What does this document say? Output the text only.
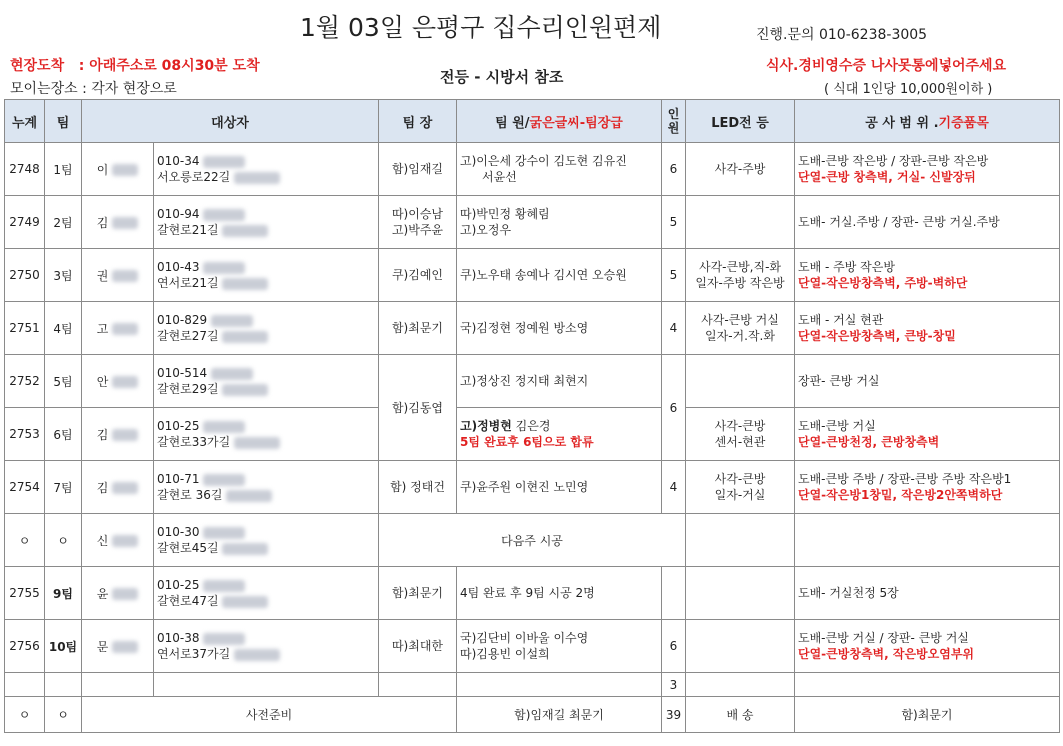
1월 03일 은평구 집수리인원편제	진행.문의 010-6238-3005
현장도착   : 아래주소로 08시30분 도착
모이는장소 : 각자 현장으로
전등 - 시방서 참조
식사.경비영수증 나사못통에넣어주세요
( 식대 1인당 10,000원이하 )
누계	팀	대상자		팀 장	팀 원/굵은글씨-팀장급	인원	LED전 등	공 사 범 위 .기증품목	
2748	1팀	이	010-34
서오릉로22길	함)임재길	고)이은세 강수이 김도현 김유진
서윤선	6	사각-주방	도배-큰방 작은방 / 장판-큰방 작은방
단열-큰방 창측벽, 거실- 신발장뒤	

2749	2팀	김	010-94
갈현로21길	따)이승남
고)박주윤	따)박민정 황혜림
고)오정우	5		도배- 거실.주방 / 장판- 큰방 거실.주방	

2750	3팀	권	010-43
연서로21길	쿠)김예인	쿠)노우태 송예나 김시연 오승원	5	사각-큰방,직-화
일자-주방 작은방	도배 - 주방 작은방
단열-작은방창측벽, 주방-벽하단	

2751	4팀	고	010-829
갈현로27길	함)최문기	국)김정현 정예원 방소영	4	사각-큰방 거실
일자-거.작.화	도배 - 거실 현관
단열-작은방창측벽, 큰방-창밑	

2752	5팀	안	010-514
갈현로29길	함)김동엽	고)정상진 정지태 최현지	6		장판- 큰방 거실	

2753	6팀	김	010-25
갈현로33가길		고)정병현 김은경
5팀 완료후 6팀으로 합류		사각-큰방
센서-현관	도배-큰방 거실
단열-큰방천정, 큰방창측벽	

2754	7팀	김	010-71
갈현로 36길	함) 정태건	쿠)윤주원 이현진 노민영	4	사각-큰방
일자-거실	도배-큰방 주방 / 장판-큰방 주방 작은방1
단열-작은방1창밑, 작은방2안쪽벽하단	

ㅇ	ㅇ	신	010-30
갈현로45길	다음주 시공					
2755	9팀	윤	010-25
갈현로47길	함)최문기	4팀 완료 후 9팀 시공 2명			도배- 거실천정 5장	

2756	10팀	문	010-38
연서로37가길	따)최대한	국)김단비 이바울 이수영
따)김용빈 이설희	6		도배-큰방 거실 / 장판- 큰방 거실
단열-큰방창측벽, 작은방오염부위	

						3			
ㅇ	ㅇ	사전준비			함)임재길 최문기	39	배 송	함)최문기	
